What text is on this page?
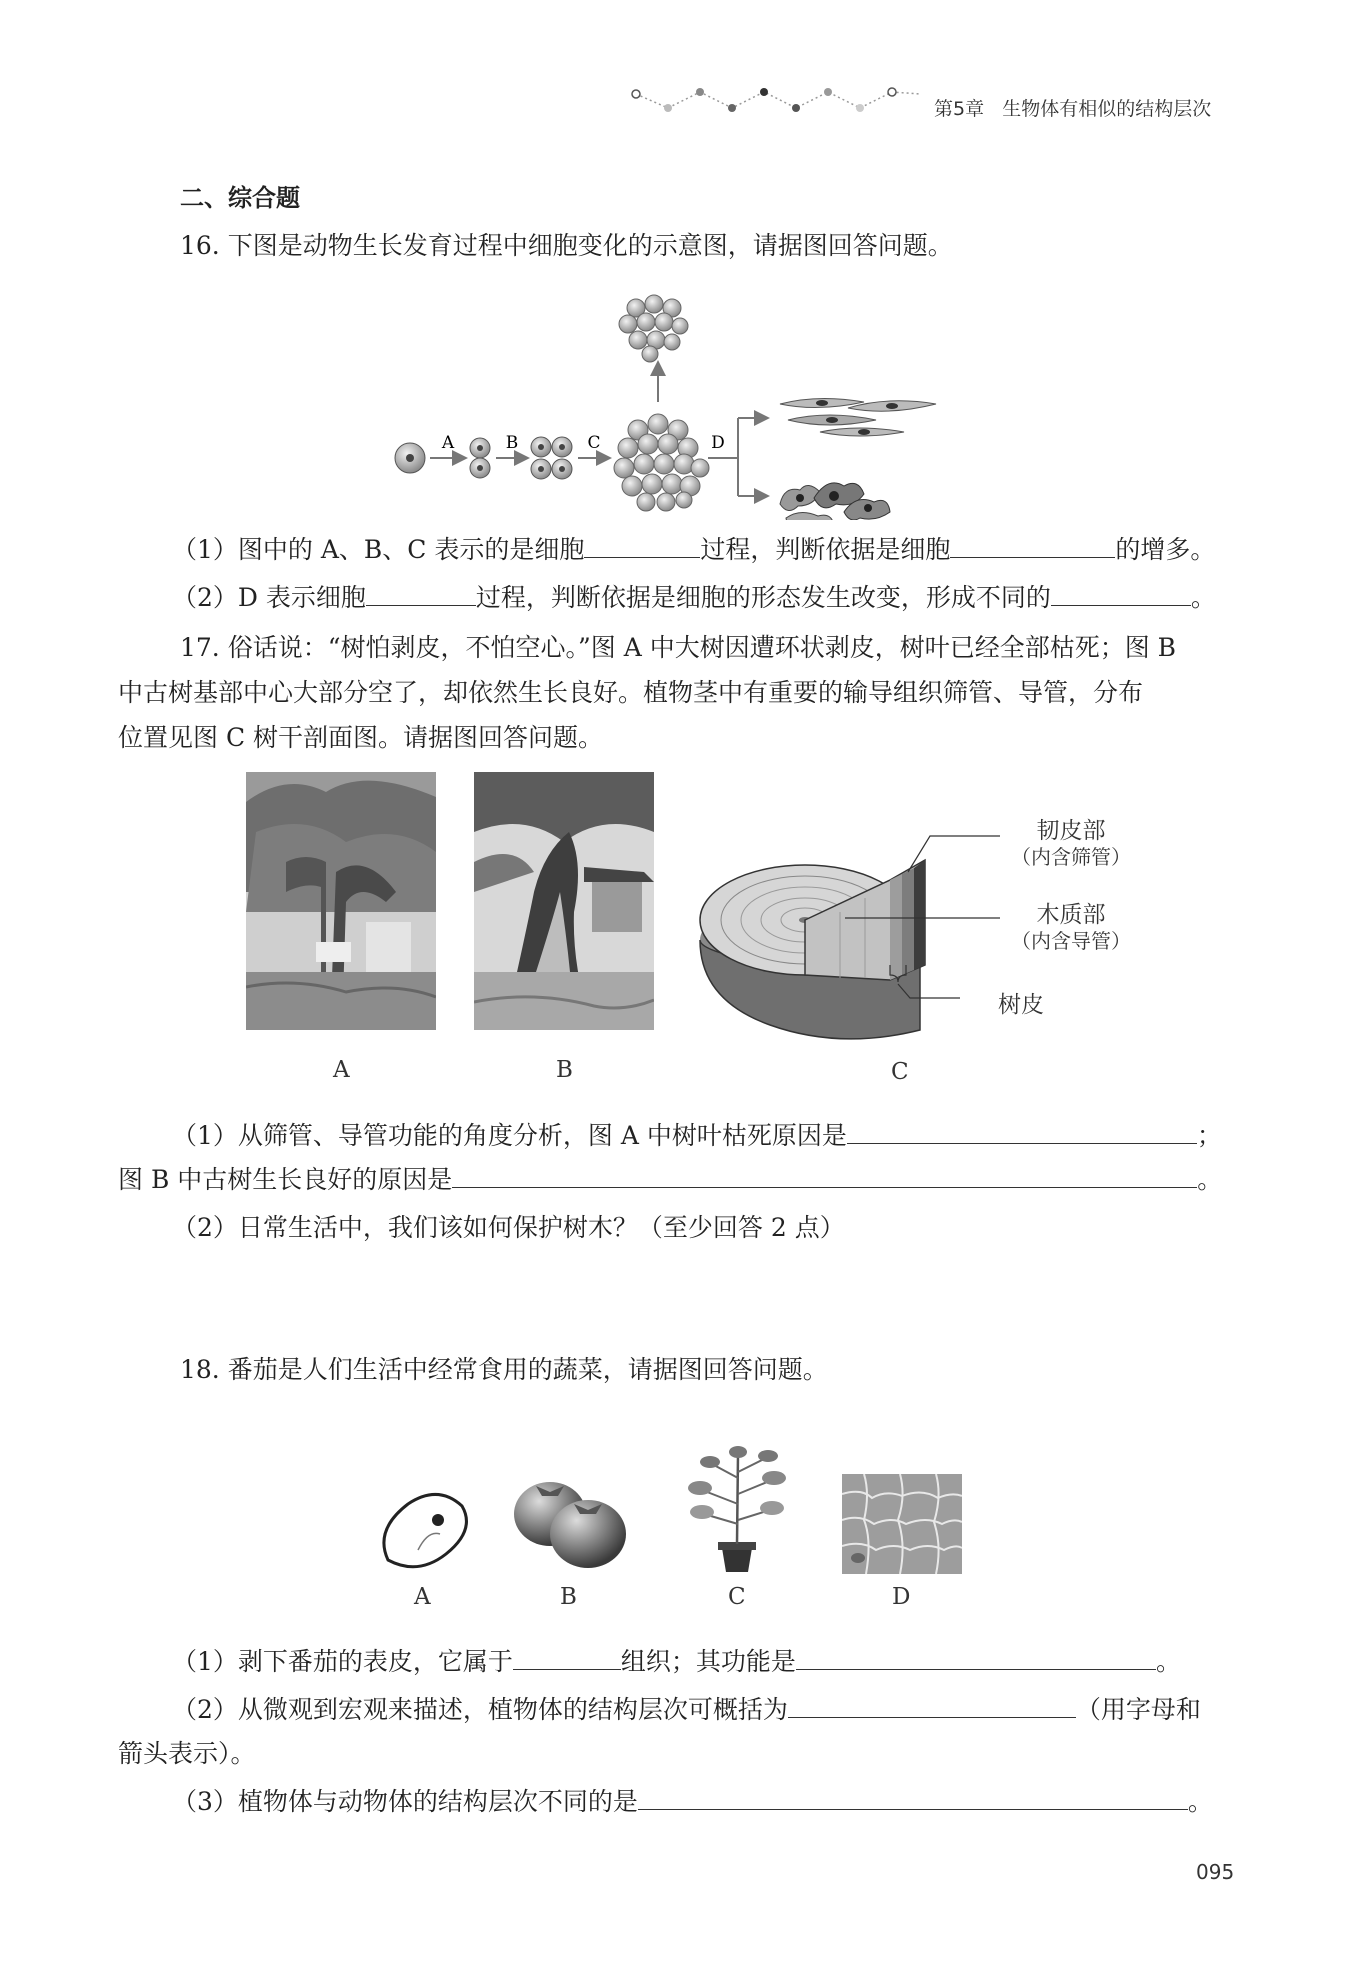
第5章 生物体有相似的结构层次
二、综合题
16. 下图是动物生长发育过程中细胞变化的示意图，请据图回答问题。
A	B	C	D
（1）图中的 A、B、C 表示的是细胞	过程，判断依据是细胞	的增多。
（2）D 表示细胞	过程，判断依据是细胞的形态发生改变，形成不同的	。
17. 俗话说：“树怕剥皮，不怕空心。”图 A 中大树因遭环状剥皮，树叶已经全部枯死；图 B
中古树基部中心大部分空了，却依然生长良好。植物茎中有重要的输导组织筛管、导管，分布
位置见图 C 树干剖面图。请据图回答问题。
韧皮部
（内含筛管）
木质部
（内含导管）
树皮
A	B	C
（1）从筛管、导管功能的角度分析，图 A 中树叶枯死原因是	；
图 B 中古树生长良好的原因是	。
（2）日常生活中，我们该如何保护树木？（至少回答 2 点）
18. 番茄是人们生活中经常食用的蔬菜，请据图回答问题。
A	B	C	D
（1）剥下番茄的表皮，它属于	组织；其功能是	。
（2）从微观到宏观来描述，植物体的结构层次可概括为	（用字母和
箭头表示）。
（3）植物体与动物体的结构层次不同的是	。
095
